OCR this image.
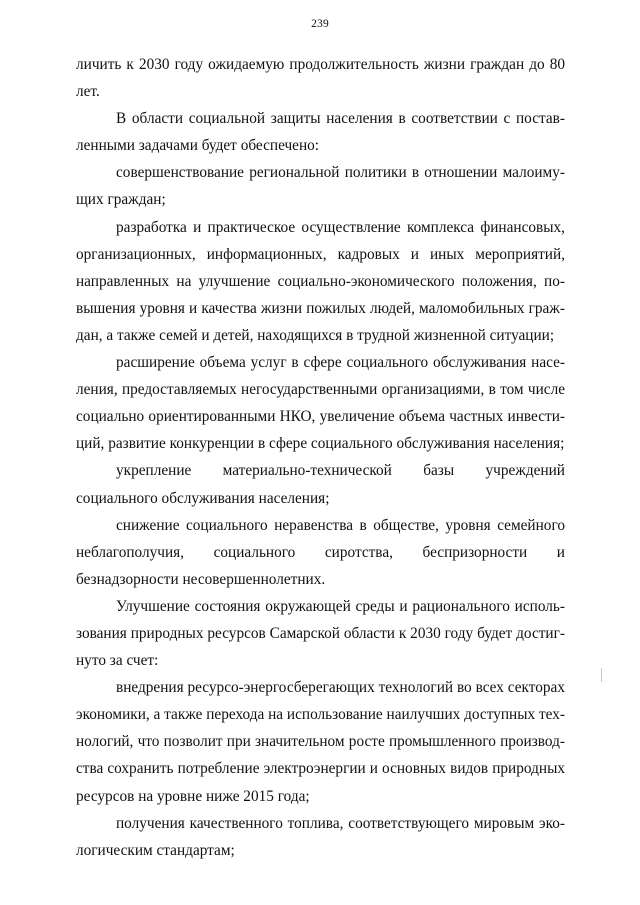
239

личить к 2030 году ожидаемую продолжительность жизни граждан до 80 лет.

В области социальной защиты населения в соответствии с поставленными задачами будет обеспечено:

совершенствование региональной политики в отношении малоимущих граждан;

разработка и практическое осуществление комплекса финансовых, организационных, информационных, кадровых и иных мероприятий, направленных на улучшение социально-экономического положения, повышения уровня и качества жизни пожилых людей, маломобильных граждан, а также семей и детей, находящихся в трудной жизненной ситуации;

расширение объема услуг в сфере социального обслуживания населения, предоставляемых негосударственными организациями, в том числе социально ориентированными НКО, увеличение объема частных инвестиций, развитие конкуренции в сфере социального обслуживания населения;

укрепление материально-технической базы учреждений социального обслуживания населения;

снижение социального неравенства в обществе, уровня семейного неблагополучия, социального сиротства, беспризорности и безнадзорности несовершеннолетних.

Улучшение состояния окружающей среды и рационального использования природных ресурсов Самарской области к 2030 году будет достигнуто за счет:

внедрения ресурсо-энергосберегающих технологий во всех секторах экономики, а также перехода на использование наилучших доступных технологий, что позволит при значительном росте промышленного производства сохранить потребление электроэнергии и основных видов природных ресурсов на уровне ниже 2015 года;

получения качественного топлива, соответствующего мировым экологическим стандартам;
